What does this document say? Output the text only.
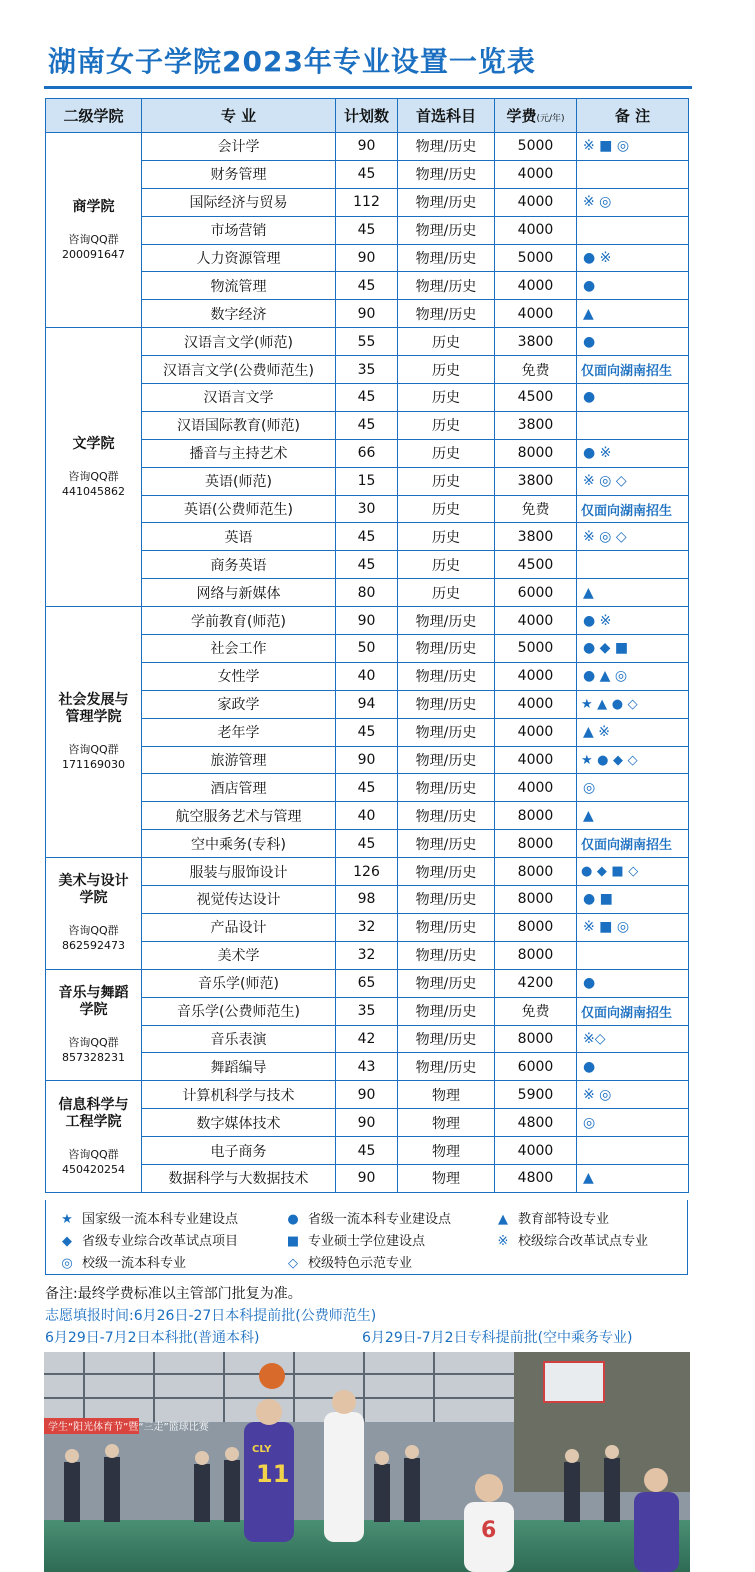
湖南女子学院2023年专业设置一览表
二级学院	专 业	计划数	首选科目	学费(元/年)	备 注

商学院
咨询QQ群
200091647	会计学	90	物理/历史	5000	※ ■ ◎
	财务管理	45	物理/历史	4000	
	国际经济与贸易	112	物理/历史	4000	※ ◎
	市场营销	45	物理/历史	4000	
	人力资源管理	90	物理/历史	5000	● ※
	物流管理	45	物理/历史	4000	●
	数字经济	90	物理/历史	4000	▲

文学院
咨询QQ群
441045862	汉语言文学(师范)	55	历史	3800	●
	汉语言文学(公费师范生)	35	历史	免费	仅面向湖南招生
	汉语言文学	45	历史	4500	●
	汉语国际教育(师范)	45	历史	3800	
	播音与主持艺术	66	历史	8000	● ※
	英语(师范)	15	历史	3800	※ ◎ ◇
	英语(公费师范生)	30	历史	免费	仅面向湖南招生
	英语	45	历史	3800	※ ◎ ◇
	商务英语	45	历史	4500	
	网络与新媒体	80	历史	6000	▲

社会发展与
管理学院
咨询QQ群
171169030	学前教育(师范)	90	物理/历史	4000	● ※
	社会工作	50	物理/历史	5000	● ◆ ■
	女性学	40	物理/历史	4000	● ▲ ◎
	家政学	94	物理/历史	4000	★ ▲ ● ◇
	老年学	45	物理/历史	4000	▲ ※
	旅游管理	90	物理/历史	4000	★ ● ◆ ◇
	酒店管理	45	物理/历史	4000	◎
	航空服务艺术与管理	40	物理/历史	8000	▲
	空中乘务(专科)	45	物理/历史	8000	仅面向湖南招生

美术与设计
学院
咨询QQ群
862592473	服装与服饰设计	126	物理/历史	8000	● ◆ ■ ◇
	视觉传达设计	98	物理/历史	8000	● ■
	产品设计	32	物理/历史	8000	※ ■ ◎
	美术学	32	物理/历史	8000	

音乐与舞蹈
学院
咨询QQ群
857328231	音乐学(师范)	65	物理/历史	4200	●
	音乐学(公费师范生)	35	物理/历史	免费	仅面向湖南招生
	音乐表演	42	物理/历史	8000	※◇
	舞蹈编导	43	物理/历史	6000	●

信息科学与
工程学院
咨询QQ群
450420254	计算机科学与技术	90	物理	5900	※ ◎
	数字媒体技术	90	物理	4800	◎
	电子商务	45	物理	4000	
	数据科学与大数据技术	90	物理	4800	▲
★ 国家级一流本科专业建设点	● 省级一流本科专业建设点	▲ 教育部特设专业
◆ 省级专业综合改革试点项目	■ 专业硕士学位建设点	※ 校级综合改革试点专业
◎ 校级一流本科专业	◇ 校级特色示范专业
备注:最终学费标准以主管部门批复为准。
志愿填报时间:6月26日-27日本科提前批(公费师范生)
6月29日-7月2日本科批(普通本科)	6月29日-7月2日专科提前批(空中乘务专业)
学生“阳光体育节”暨“三走”篮球比赛
CLY
11
6
